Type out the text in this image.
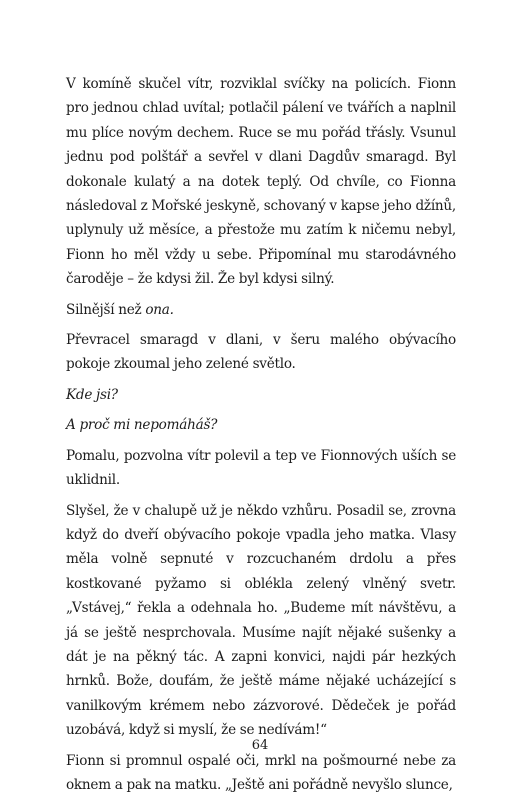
V komíně skučel vítr, rozviklal svíčky na policích. Fionn pro jednou chlad uvítal; potlačil pálení ve tvářích a naplnil mu plíce novým dechem. Ruce se mu pořád třásly. Vsunul jednu pod polštář a sevřel v dlani Dagdův smaragd. Byl dokonale kulatý a na dotek teplý. Od chvíle, co Fionna následoval z Mořské jeskyně, schovaný v kapse jeho džínů, uplynuly už měsíce, a přestože mu zatím k ničemu nebyl, Fionn ho měl vždy u sebe. Připomínal mu starodávného čaroděje – že kdysi žil. Že byl kdysi silný.

Silnější než ona.

Převracel smaragd v dlani, v šeru malého obývacího pokoje zkoumal jeho zelené světlo.

Kde jsi?

A proč mi nepomáháš?

Pomalu, pozvolna vítr polevil a tep ve Fionnových uších se uklidnil.

Slyšel, že v chalupě už je někdo vzhůru. Posadil se, zrovna když do dveří obývacího pokoje vpadla jeho matka. Vlasy měla volně sepnuté v rozcuchaném drdolu a přes kostkované pyžamo si oblékla zelený vlněný svetr. „Vstávej,“ řekla a odehnala ho. „Budeme mít návštěvu, a já se ještě nesprchovala. Musíme najít nějaké sušenky a dát je na pěkný tác. A zapni konvici, najdi pár hezkých hrnků. Bože, doufám, že ještě máme nějaké ucházející s vanilkovým krémem nebo zázvorové. Dědeček je pořád uzobává, když si myslí, že se nedívám!“

Fionn si promnul ospalé oči, mrkl na pošmourné nebe za oknem a pak na matku. „Ještě ani pořádně nevyšlo slunce,

64
